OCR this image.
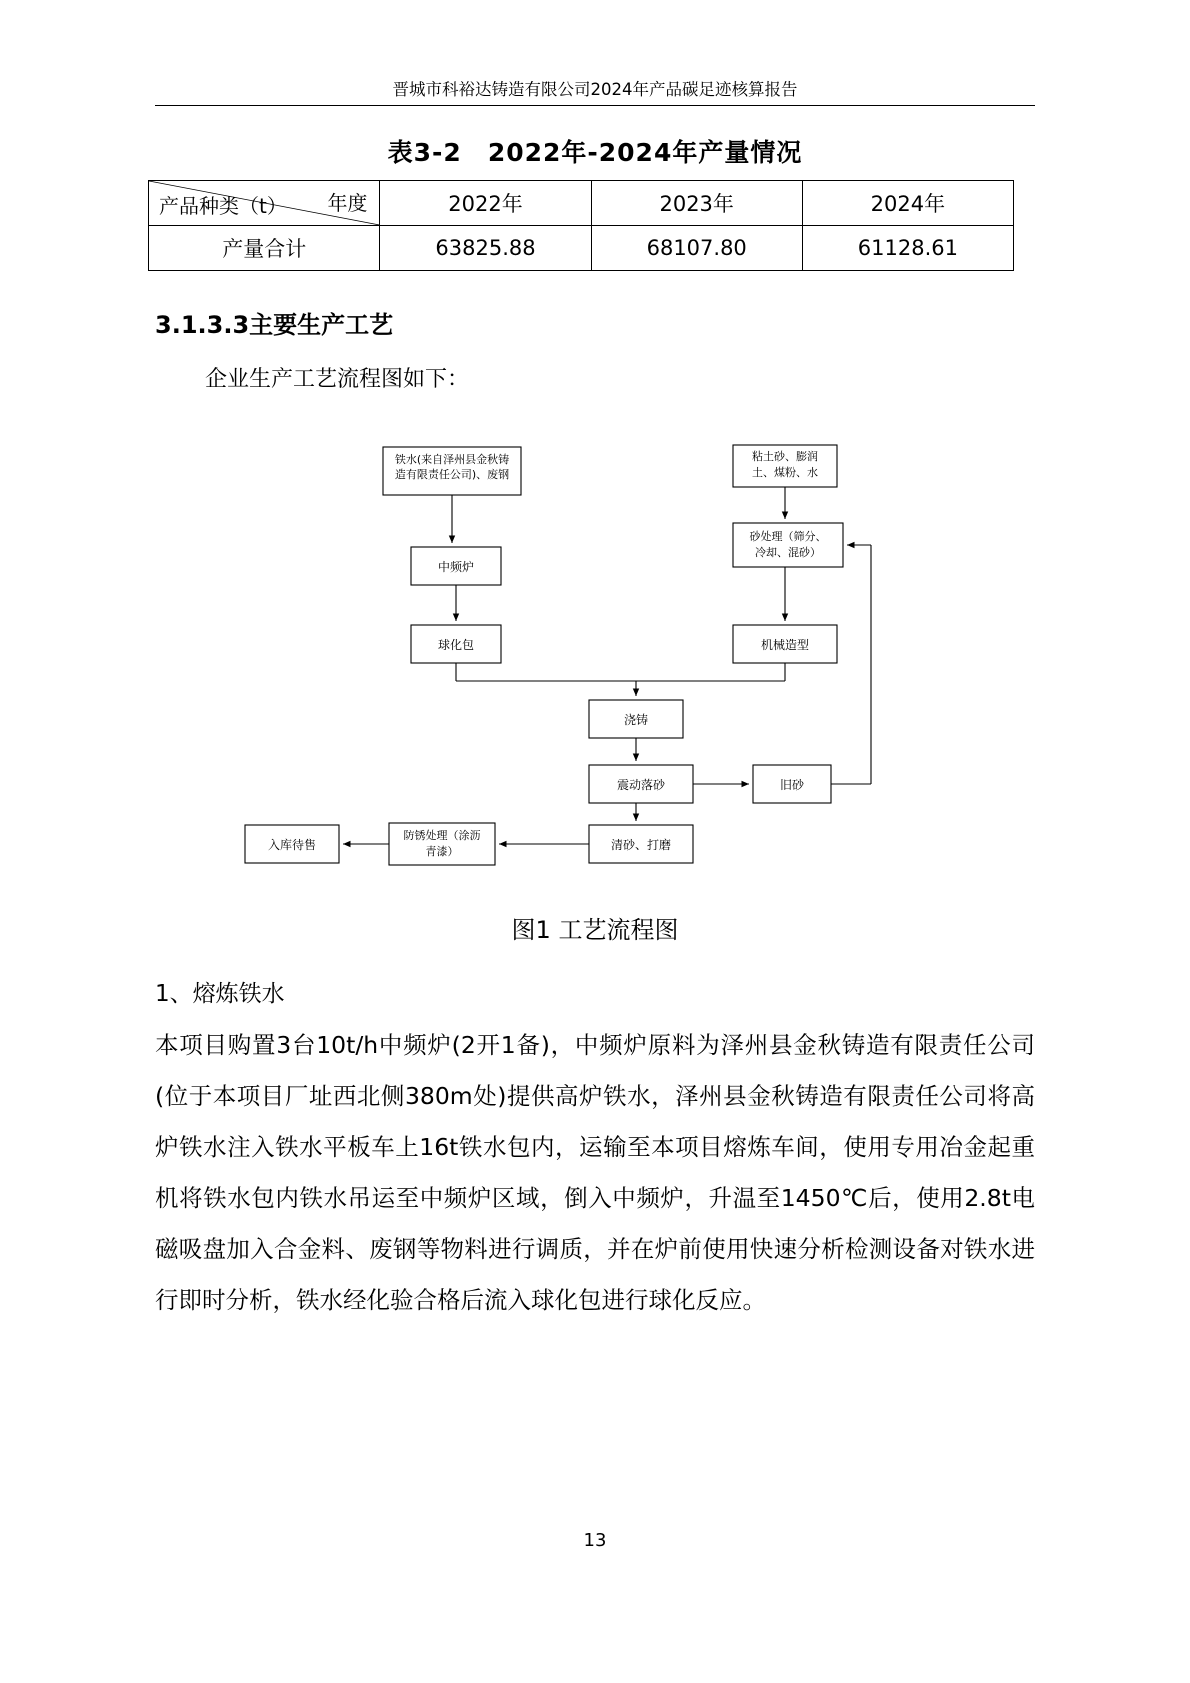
晋城市科裕达铸造有限公司2024年产品碳足迹核算报告
表3-2 2022年-2024年产量情况
年度
产品种类（t）	2022年	2023年	2024年
产量合计	63825.88	68107.80	61128.61
3.1.3.3主要生产工艺
企业生产工艺流程图如下：
铁水(来自泽州县金秋铸
造有限责任公司)、废钢
中频炉
球化包
粘土砂、膨润
土、煤粉、水
砂处理（筛分、
冷却、混砂）
机械造型
浇铸
震动落砂	旧砂
清砂、打磨
防锈处理（涂沥
青漆）
入库待售
图1 工艺流程图
1、熔炼铁水
本项目购置3台10t/h中频炉(2开1备)，中频炉原料为泽州县金秋铸造有限责任公司(位于本项目厂址西北侧380m处)提供高炉铁水，泽州县金秋铸造有限责任公司将高炉铁水注入铁水平板车上16t铁水包内，运输至本项目熔炼车间，使用专用冶金起重机将铁水包内铁水吊运至中频炉区域，倒入中频炉，升温至1450℃后，使用2.8t电磁吸盘加入合金料、废钢等物料进行调质，并在炉前使用快速分析检测设备对铁水进行即时分析，铁水经化验合格后流入球化包进行球化反应。
13
